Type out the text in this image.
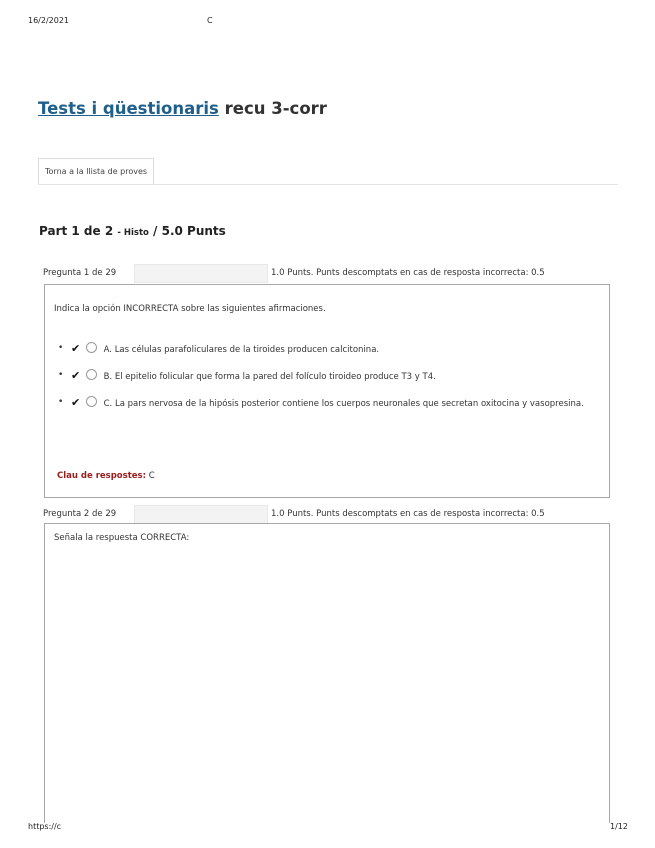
16/2/2021	C
Tests i qüestionaris recu 3-corr
Torna a la llista de proves
Part 1 de 2 - Histo / 5.0 Punts
Pregunta 1 de 29	1.0 Punts. Punts descomptats en cas de resposta incorrecta: 0.5
Indica la opción INCORRECTA sobre las siguientes afirmaciones.
• ✔	A. Las células parafoliculares de la tiroides producen calcitonina.
• ✔	B. El epitelio folicular que forma la pared del folículo tiroideo produce T3 y T4.
• ✔	C. La pars nervosa de la hipósis posterior contiene los cuerpos neuronales que secretan oxitocina y vasopresina.
Clau de respostes: C
Pregunta 2 de 29	1.0 Punts. Punts descomptats en cas de resposta incorrecta: 0.5
Señala la respuesta CORRECTA:
https://c	1/12
